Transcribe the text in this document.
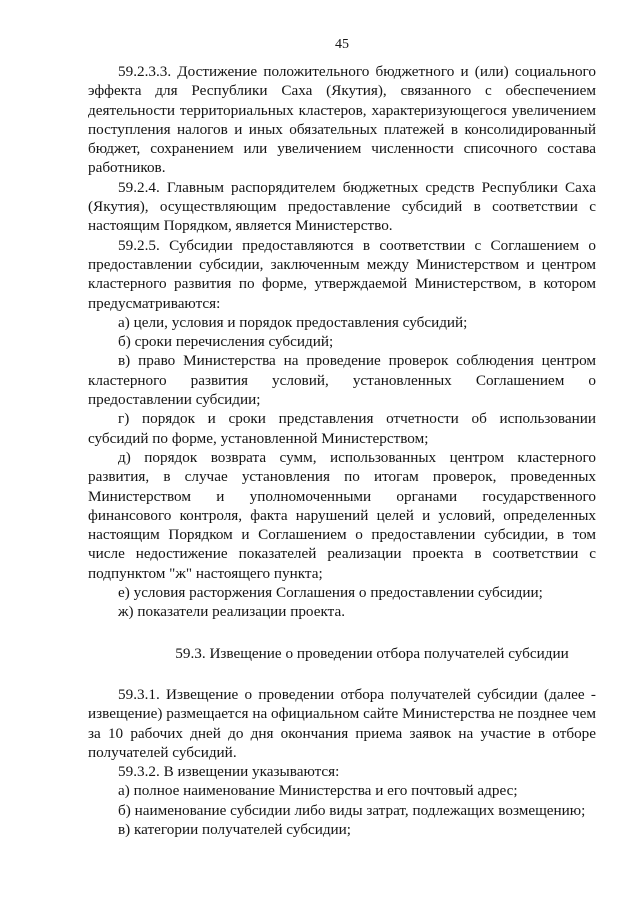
45

59.2.3.3. Достижение положительного бюджетного и (или) социального эффекта для Республики Саха (Якутия), связанного с обеспечением деятельности территориальных кластеров, характеризующегося увеличением поступления налогов и иных обязательных платежей в консолидированный бюджет, сохранением или увеличением численности списочного состава работников.

59.2.4. Главным распорядителем бюджетных средств Республики Саха (Якутия), осуществляющим предоставление субсидий в соответствии с настоящим Порядком, является Министерство.

59.2.5. Субсидии предоставляются в соответствии с Соглашением о предоставлении субсидии, заключенным между Министерством и центром кластерного развития по форме, утверждаемой Министерством, в котором предусматриваются:

а) цели, условия и порядок предоставления субсидий;

б) сроки перечисления субсидий;

в) право Министерства на проведение проверок соблюдения центром кластерного развития условий, установленных Соглашением о предоставлении субсидии;

г) порядок и сроки представления отчетности об использовании субсидий по форме, установленной Министерством;

д) порядок возврата сумм, использованных центром кластерного развития, в случае установления по итогам проверок, проведенных Министерством и уполномоченными органами государственного финансового контроля, факта нарушений целей и условий, определенных настоящим Порядком и Соглашением о предоставлении субсидии, в том числе недостижение показателей реализации проекта в соответствии с подпунктом "ж" настоящего пункта;

е) условия расторжения Соглашения о предоставлении субсидии;

ж) показатели реализации проекта.

59.3. Извещение о проведении отбора получателей субсидии

59.3.1. Извещение о проведении отбора получателей субсидии (далее - извещение) размещается на официальном сайте Министерства не позднее чем за 10 рабочих дней до дня окончания приема заявок на участие в отборе получателей субсидий.

59.3.2. В извещении указываются:

а) полное наименование Министерства и его почтовый адрес;

б) наименование субсидии либо виды затрат, подлежащих возмещению;

в) категории получателей субсидии;
